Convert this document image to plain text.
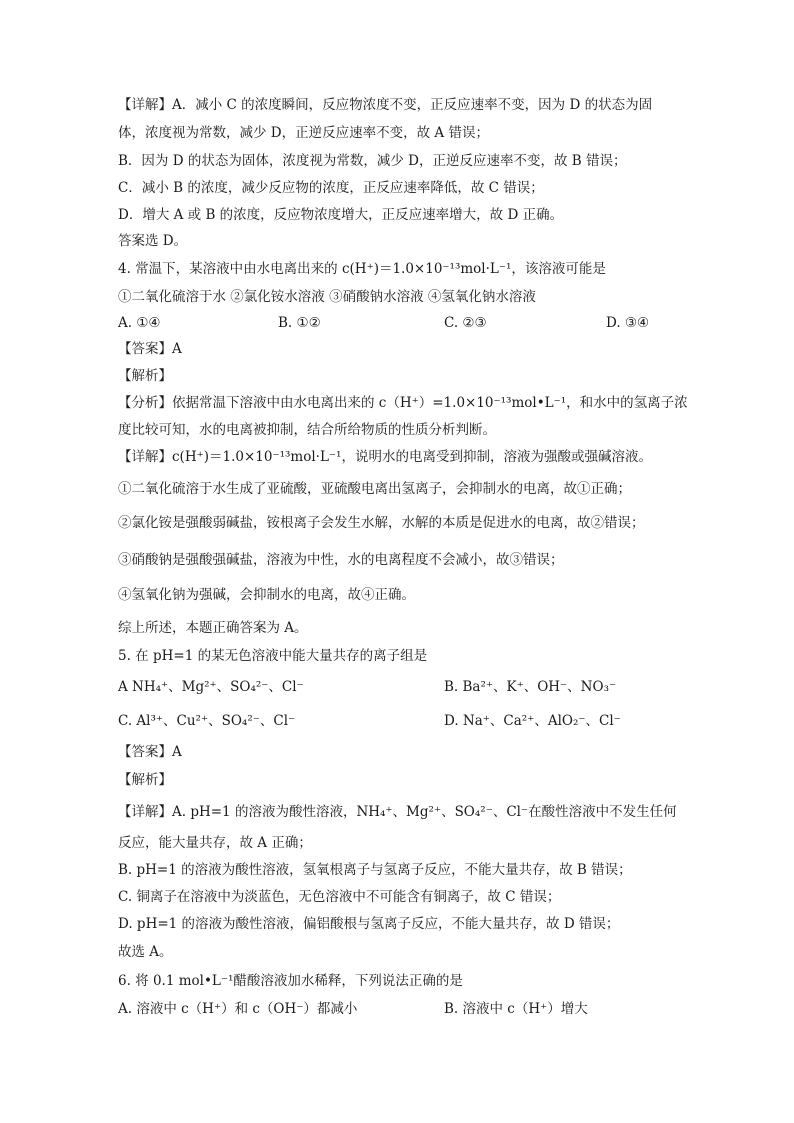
【详解】A．减小 C 的浓度瞬间，反应物浓度不变，正反应速率不变，因为 D 的状态为固
体，浓度视为常数，减少 D，正逆反应速率不变，故 A 错误；
B．因为 D 的状态为固体，浓度视为常数，减少 D，正逆反应速率不变，故 B 错误；
C．减小 B 的浓度，减少反应物的浓度，正反应速率降低，故 C 错误；
D．增大 A 或 B 的浓度，反应物浓度增大，正反应速率增大，故 D 正确。
答案选 D。
4. 常温下，某溶液中由水电离出来的 c(H⁺)＝1.0×10⁻¹³mol·L⁻¹，该溶液可能是
①二氧化硫溶于水 ②氯化铵水溶液 ③硝酸钠水溶液 ④氢氧化钠水溶液
A. ①④	B. ①②	C. ②③	D. ③④
【答案】A
【解析】
【分析】依据常温下溶液中由水电离出来的 c（H⁺）=1.0×10⁻¹³mol•L⁻¹，和水中的氢离子浓
度比较可知，水的电离被抑制，结合所给物质的性质分析判断。
【详解】c(H⁺)＝1.0×10⁻¹³mol·L⁻¹，说明水的电离受到抑制，溶液为强酸或强碱溶液。
①二氧化硫溶于水生成了亚硫酸，亚硫酸电离出氢离子，会抑制水的电离，故①正确；
②氯化铵是强酸弱碱盐，铵根离子会发生水解，水解的本质是促进水的电离，故②错误；
③硝酸钠是强酸强碱盐，溶液为中性，水的电离程度不会减小，故③错误；
④氢氧化钠为强碱，会抑制水的电离，故④正确。
综上所述，本题正确答案为 A。
5. 在 pH=1 的某无色溶液中能大量共存的离子组是
A NH₄⁺、Mg²⁺、SO₄²⁻、Cl⁻	B. Ba²⁺、K⁺、OH⁻、NO₃⁻
C. Al³⁺、Cu²⁺、SO₄²⁻、Cl⁻	D. Na⁺、Ca²⁺、AlO₂⁻、Cl⁻
【答案】A
【解析】
【详解】A. pH=1 的溶液为酸性溶液，NH₄⁺、Mg²⁺、SO₄²⁻、Cl⁻在酸性溶液中不发生任何
反应，能大量共存，故 A 正确；
B. pH=1 的溶液为酸性溶液，氢氧根离子与氢离子反应，不能大量共存，故 B 错误；
C. 铜离子在溶液中为淡蓝色，无色溶液中不可能含有铜离子，故 C 错误；
D. pH=1 的溶液为酸性溶液，偏铝酸根与氢离子反应，不能大量共存，故 D 错误；
故选 A。
6. 将 0.1 mol•L⁻¹醋酸溶液加水稀释，下列说法正确的是
A. 溶液中 c（H⁺）和 c（OH⁻）都减小	B. 溶液中 c（H⁺）增大
